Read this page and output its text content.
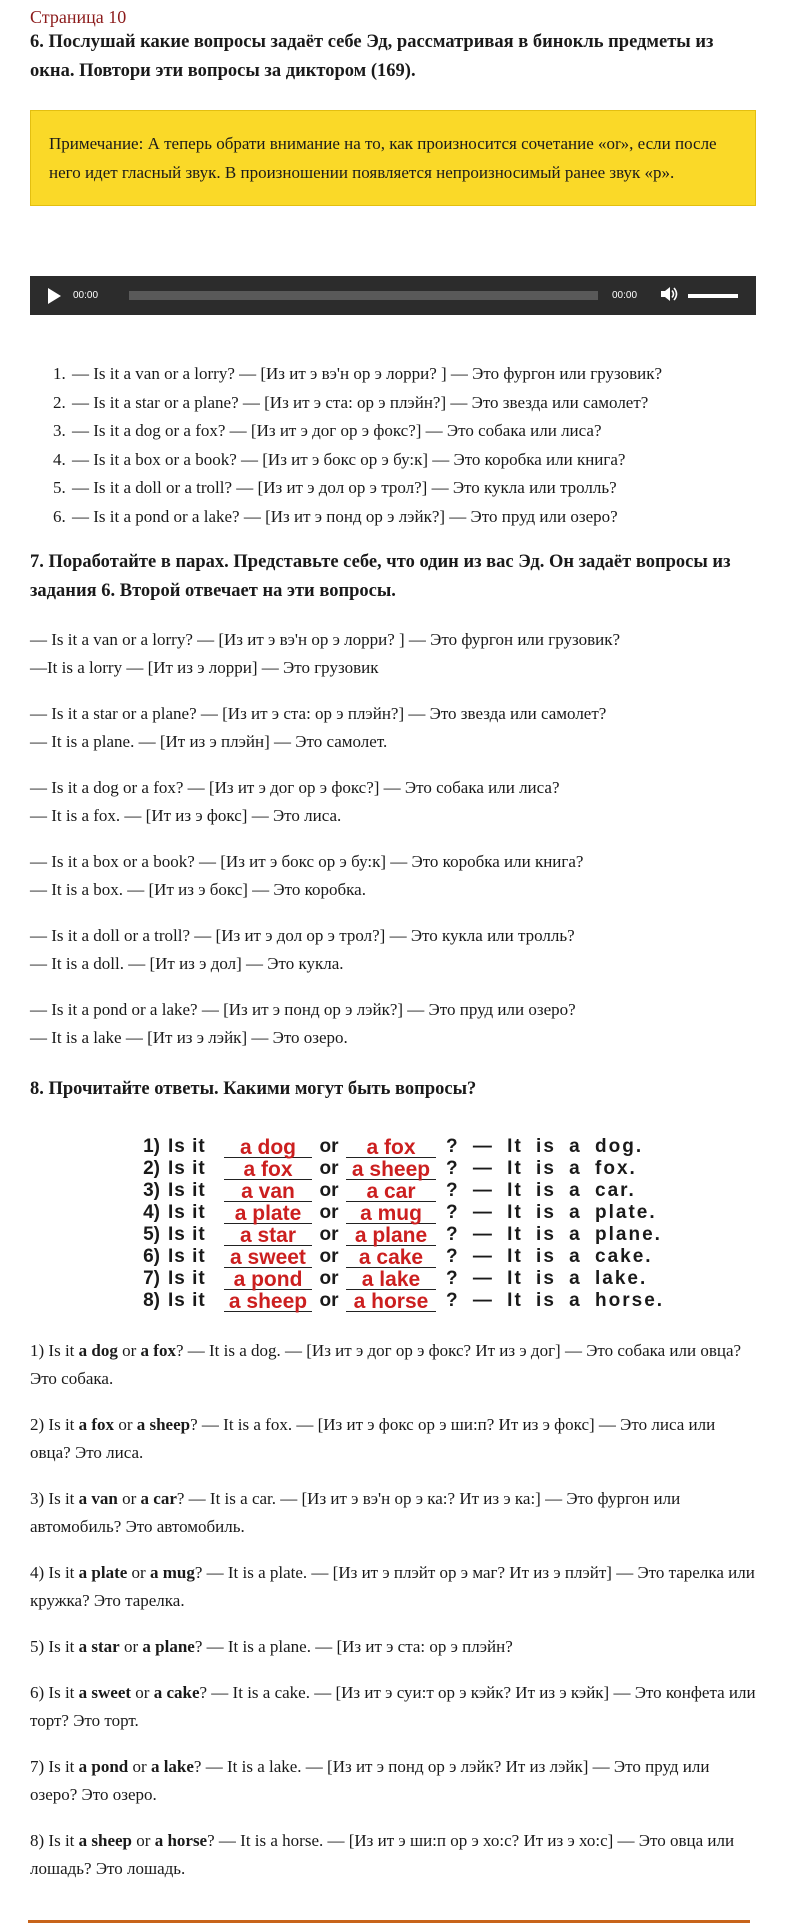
Страница 10

6. Послушай какие вопросы задаёт себе Эд, рассматривая в бинокль предметы из окна. Повтори эти вопросы за диктором (169).

Примечание: А теперь обрати внимание на то, как произносится сочетание «or», если после него идет гласный звук. В произношении появляется непроизносимый ранее звук «р».
00:00	00:00
1. — Is it a van or a lorry? — [Из ит э вэ'н ор э лорри? ] — Это фургон или грузовик?
2. — Is it a star or a plane? — [Из ит э ста: ор э плэйн?] — Это звезда или самолет?
3. — Is it a dog or a fox? — [Из ит э дог ор э фокс?] — Это собака или лиса?
4. — Is it a box or a book? — [Из ит э бокс ор э бу:к] — Это коробка или книга?
5. — Is it a doll or a troll? — [Из ит э дол ор э трол?] — Это кукла или тролль?
6. — Is it a pond or a lake? — [Из ит э понд ор э лэйк?] — Это пруд или озеро?

7. Поработайте в парах. Представьте себе, что один из вас Эд. Он задаёт вопросы из задания 6. Второй отвечает на эти вопросы.

— Is it a van or a lorry? — [Из ит э вэ'н ор э лорри? ] — Это фургон или грузовик?

—It is a lorry — [Ит из э лорри] — Это грузовик

— Is it a star or a plane? — [Из ит э ста: ор э плэйн?] — Это звезда или самолет?

— It is a plane. — [Ит из э плэйн] — Это самолет.

— Is it a dog or a fox? — [Из ит э дог ор э фокс?] — Это собака или лиса?

— It is a fox. — [Ит из э фокс] — Это лиса.

— Is it a box or a book? — [Из ит э бокс ор э бу:к] — Это коробка или книга?

— It is a box. — [Ит из э бокс] — Это коробка.

— Is it a doll or a troll? — [Из ит э дол ор э трол?] — Это кукла или тролль?

— It is a doll. — [Ит из э дол] — Это кукла.

— Is it a pond or a lake? — [Из ит э понд ор э лэйк?] — Это пруд или озеро?

— It is a lake — [Ит из э лэйк] — Это озеро.

8. Прочитайте ответы. Какими могут быть вопросы?

1) Is it a dog or a fox ? — It is a dog.
2) Is it a fox or a sheep ? — It is a fox.
3) Is it a van or a car ? — It is a car.
4) Is it a plate or a mug ? — It is a plate.
5) Is it a star or a plane ? — It is a plane.
6) Is it a sweet or a cake ? — It is a cake.
7) Is it a pond or a lake ? — It is a lake.
8) Is it a sheep or a horse ? — It is a horse.

1) Is it a dog or a fox? — It is a dog. — [Из ит э дог ор э фокс? Ит из э дог] — Это собака или овца? Это собака.

2) Is it a fox or a sheep? — It is a fox. — [Из ит э фокс ор э ши:п? Ит из э фокс] — Это лиса или овца? Это лиса.

3) Is it a van or a car? — It is a car. — [Из ит э вэ'н ор э ка:? Ит из э ка:] — Это фургон или автомобиль? Это автомобиль.

4) Is it a plate or a mug? — It is a plate. — [Из ит э плэйт ор э маг? Ит из э плэйт] — Это тарелка или кружка? Это тарелка.

5) Is it a star or a plane? — It is a plane. — [Из ит э ста: ор э плэйн?

6) Is it a sweet or a cake? — It is a cake. — [Из ит э суи:т ор э кэйк? Ит из э кэйк] — Это конфета или торт? Это торт.

7) Is it a pond or a lake? — It is a lake. — [Из ит э понд ор э лэйк? Ит из лэйк] — Это пруд или озеро? Это озеро.

8) Is it a sheep or a horse? — It is a horse. — [Из ит э ши:п ор э хо:с? Ит из э хо:с] — Это овца или лошадь? Это лошадь.
